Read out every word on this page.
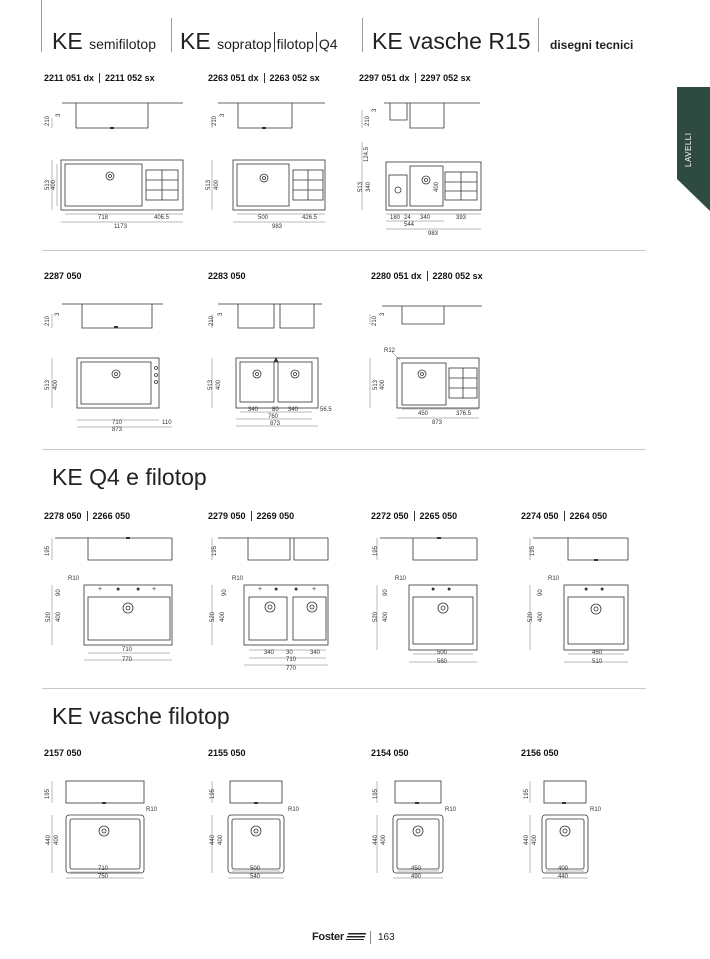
KE semifilotop KE sopratop filotop Q4 KE vasche R15 disegni tecnici
LAVELLI
2211 051 dx 2211 052 sx	2263 051 dx 2263 052 sx	2297 051 dx 2297 052 sx
210
3
513 400
718	406.5
1173
210
3
513 400
500	426.5
983
210
3
124.5
513 340	400
180 24 340	393
544
983
2287 050	2283 050	2280 051 dx 2280 052 sx
210
3
513 400
710	110
873
210
3
513 400
340 80 340	56.5
760
873
210
3
513 400
R12
450	376.5
873
KE Q4 e filotop
2278 050 2266 050	2279 050 2269 050	2272 050 2265 050	2274 050 2264 050
+ ● ● +
195
R10
90
520 400
710
770
+ ● ● +
195
R10
90
520 400
340 30	340
710
770
● ●
195
R10
90
520 400
500
560
● ●
195
R10
90
520 400
450
510
KE vasche filotop
2157 050	2155 050	2154 050	2156 050
195
R10
440 400
710
750
195
R10
440 400
500
540
195
R10
440 400
450
490
195
R10
440 400
400
440
Foster	163
